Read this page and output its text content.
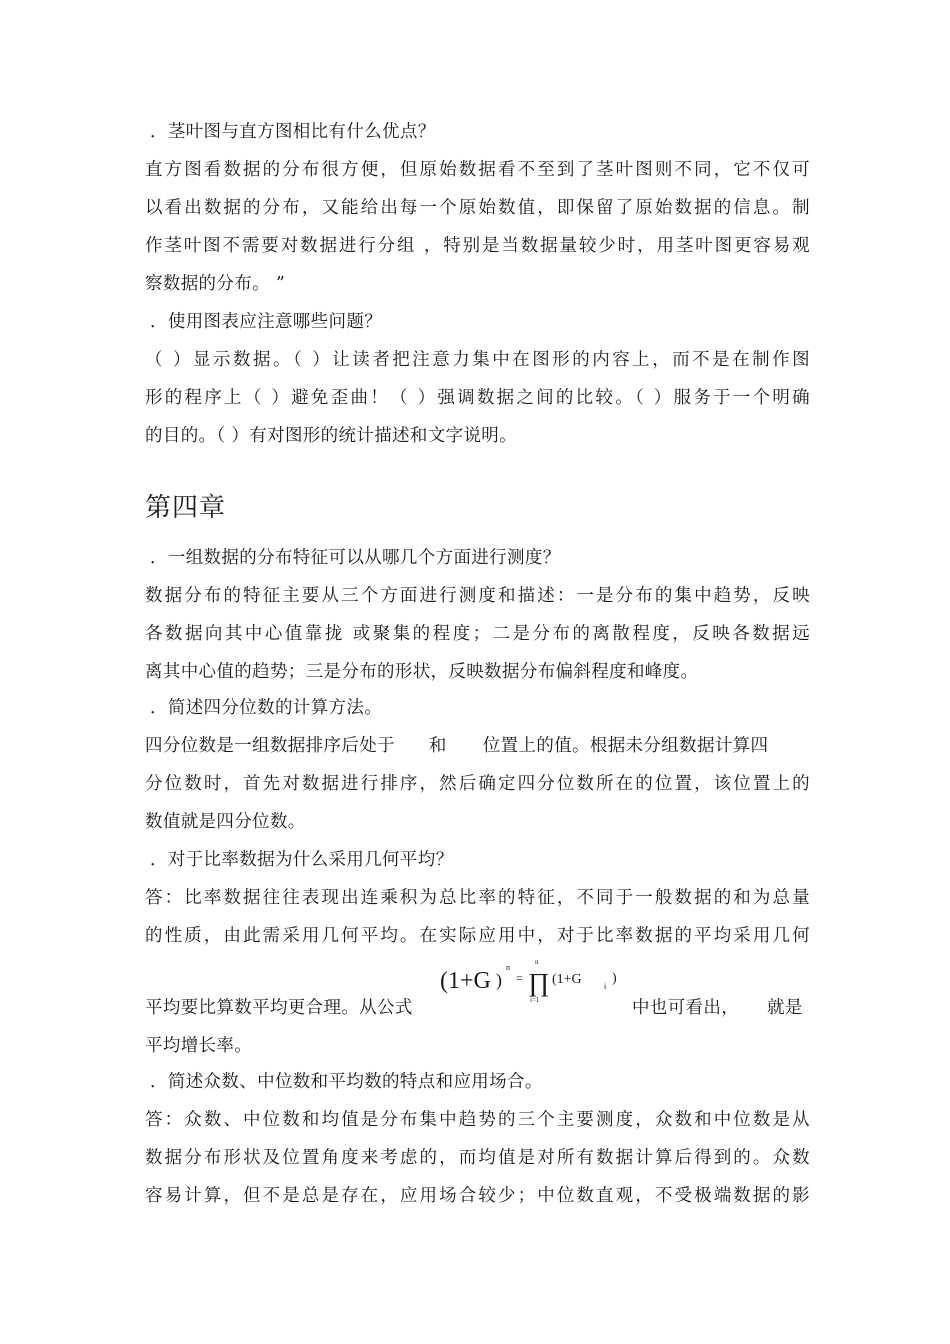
．茎叶图与直方图相比有什么优点？
直方图看数据的分布很方便，但原始数据看不至到了茎叶图则不同，它不仅可
以看出数据的分布，又能给出每一个原始数值，即保留了原始数据的信息。制
作茎叶图不需要对数据进行分组 ，特别是当数据量较少时，用茎叶图更容易观
察数据的分布。 ”
．使用图表应注意哪些问题？
（ ）显示数据。（ ）让读者把注意力集中在图形的内容上，而不是在制作图
形的程序上（ ）避免歪曲！（ ）强调数据之间的比较。（ ）服务于一个明确
的目的。（ ）有对图形的统计描述和文字说明。
第四章
．一组数据的分布特征可以从哪几个方面进行测度？
数据分布的特征主要从三个方面进行测度和描述：一是分布的集中趋势，反映
各数据向其中心值靠拢 或聚集的程度；二是分布的离散程度，反映各数据远
离其中心值的趋势；三是分布的形状，反映数据分布偏斜程度和峰度。
．简述四分位数的计算方法。
四分位数是一组数据排序后处于 和 位置上的值。根据未分组数据计算四
分位数时，首先对数据进行排序，然后确定四分位数所在的位置，该位置上的
数值就是四分位数。
．对于比率数据为什么采用几何平均？
答：比率数据往往表现出连乘积为总比率的特征，不同于一般数据的和为总量
的性质，由此需采用几何平均。在实际应用中，对于比率数据的平均采用几何
平均要比算数平均更合理。从公式
(1+G )
n
=
n
∏
i=1
(1+G	i
)
中也可看出， 就是
平均增长率。
．简述众数、中位数和平均数的特点和应用场合。
答：众数、中位数和均值是分布集中趋势的三个主要测度，众数和中位数是从
数据分布形状及位置角度来考虑的，而均值是对所有数据计算后得到的。众数
容易计算，但不是总是存在，应用场合较少；中位数直观，不受极端数据的影
